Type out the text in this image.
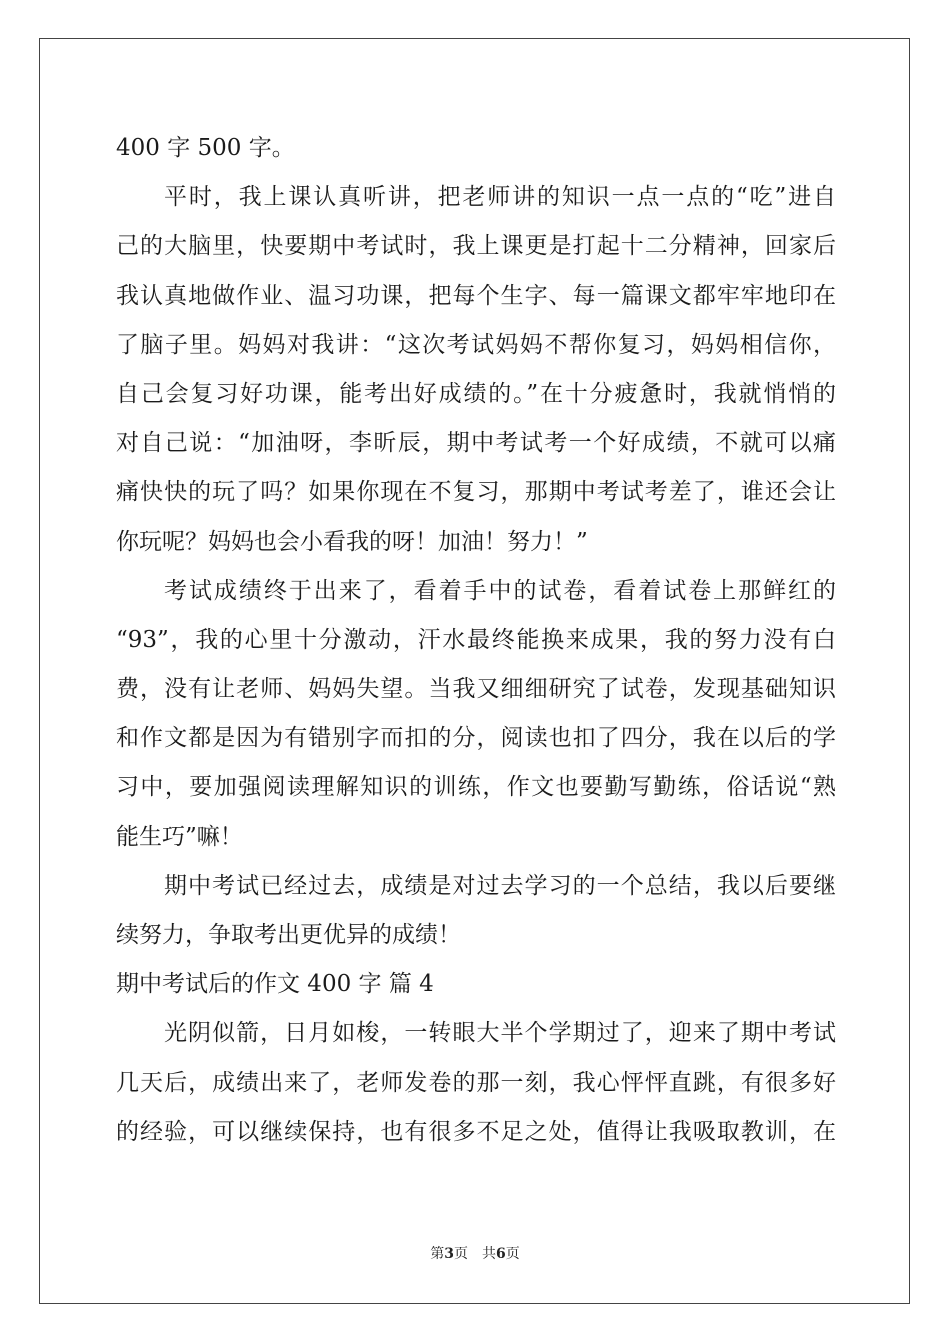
400 字 500 字。
平时，我上课认真听讲，把老师讲的知识一点一点的“吃”进自
己的大脑里，快要期中考试时，我上课更是打起十二分精神，回家后
我认真地做作业、温习功课，把每个生字、每一篇课文都牢牢地印在
了脑子里。妈妈对我讲：“这次考试妈妈不帮你复习，妈妈相信你，
自己会复习好功课，能考出好成绩的。”在十分疲惫时，我就悄悄的
对自己说：“加油呀，李昕辰，期中考试考一个好成绩，不就可以痛
痛快快的玩了吗？如果你现在不复习，那期中考试考差了，谁还会让
你玩呢？妈妈也会小看我的呀！加油！努力！”
考试成绩终于出来了，看着手中的试卷，看着试卷上那鲜红的
“93”，我的心里十分激动，汗水最终能换来成果，我的努力没有白
费，没有让老师、妈妈失望。当我又细细研究了试卷，发现基础知识
和作文都是因为有错别字而扣的分，阅读也扣了四分，我在以后的学
习中，要加强阅读理解知识的训练，作文也要勤写勤练，俗话说“熟
能生巧”嘛！
期中考试已经过去，成绩是对过去学习的一个总结，我以后要继
续努力，争取考出更优异的成绩！
期中考试后的作文 400 字 篇 4
光阴似箭，日月如梭，一转眼大半个学期过了，迎来了期中考试
几天后，成绩出来了，老师发卷的那一刻，我心怦怦直跳，有很多好
的经验，可以继续保持，也有很多不足之处，值得让我吸取教训，在
第3页　共6页
